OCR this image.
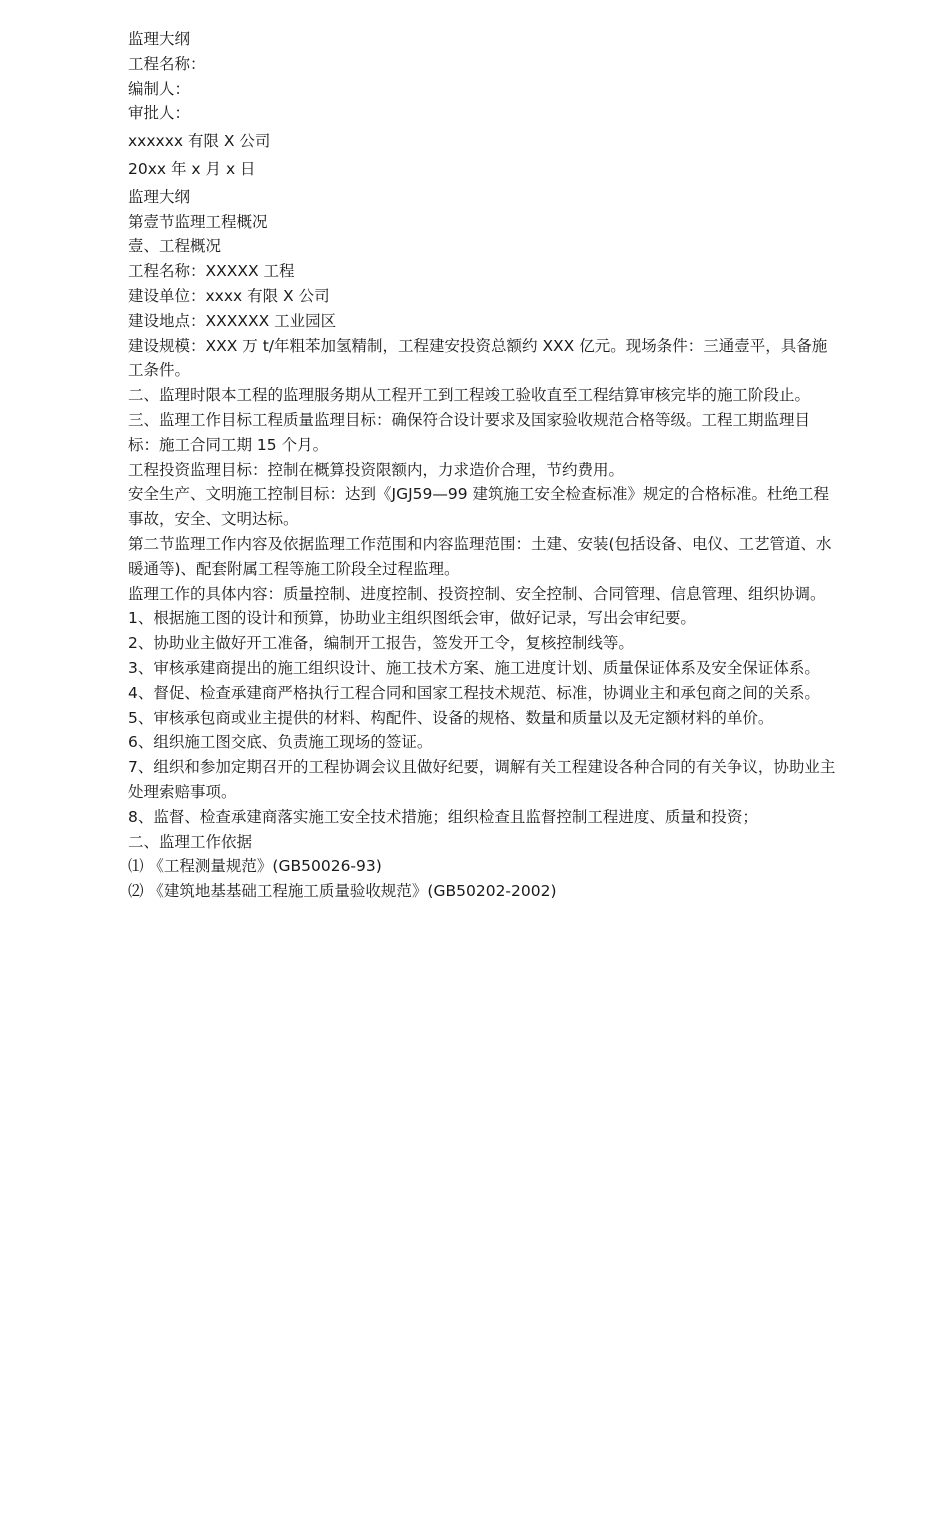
监理大纲

工程名称：

编制人：

审批人：

xxxxxx 有限 X 公司

20xx 年 x 月 x 日

监理大纲

第壹节监理工程概况

壹、工程概况

工程名称：XXXXX 工程

建设单位：xxxx 有限 X 公司

建设地点：XXXXXX 工业园区

建设规模：XXX 万 t/年粗苯加氢精制，工程建安投资总额约 XXX 亿元。现场条件：三通壹平，具备施工条件。

二、监理时限本工程的监理服务期从工程开工到工程竣工验收直至工程结算审核完毕的施工阶段止。三、监理工作目标工程质量监理目标：确保符合设计要求及国家验收规范合格等级。工程工期监理目标：施工合同工期 15 个月。

工程投资监理目标：控制在概算投资限额内，力求造价合理，节约费用。

安全生产、文明施工控制目标：达到《JGJ59—99 建筑施工安全检查标准》规定的合格标准。杜绝工程事故，安全、文明达标。

第二节监理工作内容及依据监理工作范围和内容监理范围：土建、安装(包括设备、电仪、工艺管道、水暖通等)、配套附属工程等施工阶段全过程监理。

监理工作的具体内容：质量控制、进度控制、投资控制、安全控制、合同管理、信息管理、组织协调。

1、根据施工图的设计和预算，协助业主组织图纸会审，做好记录，写出会审纪要。

2、协助业主做好开工准备，编制开工报告，签发开工令，复核控制线等。

3、审核承建商提出的施工组织设计、施工技术方案、施工进度计划、质量保证体系及安全保证体系。

4、督促、检查承建商严格执行工程合同和国家工程技术规范、标准，协调业主和承包商之间的关系。

5、审核承包商或业主提供的材料、构配件、设备的规格、数量和质量以及无定额材料的单价。

6、组织施工图交底、负责施工现场的签证。

7、组织和参加定期召开的工程协调会议且做好纪要，调解有关工程建设各种合同的有关争议，协助业主处理索赔事项。

8、监督、检查承建商落实施工安全技术措施；组织检查且监督控制工程进度、质量和投资；

二、监理工作依据

⑴ 《工程测量规范》(GB50026-93)

⑵ 《建筑地基基础工程施工质量验收规范》(GB50202-2002)
